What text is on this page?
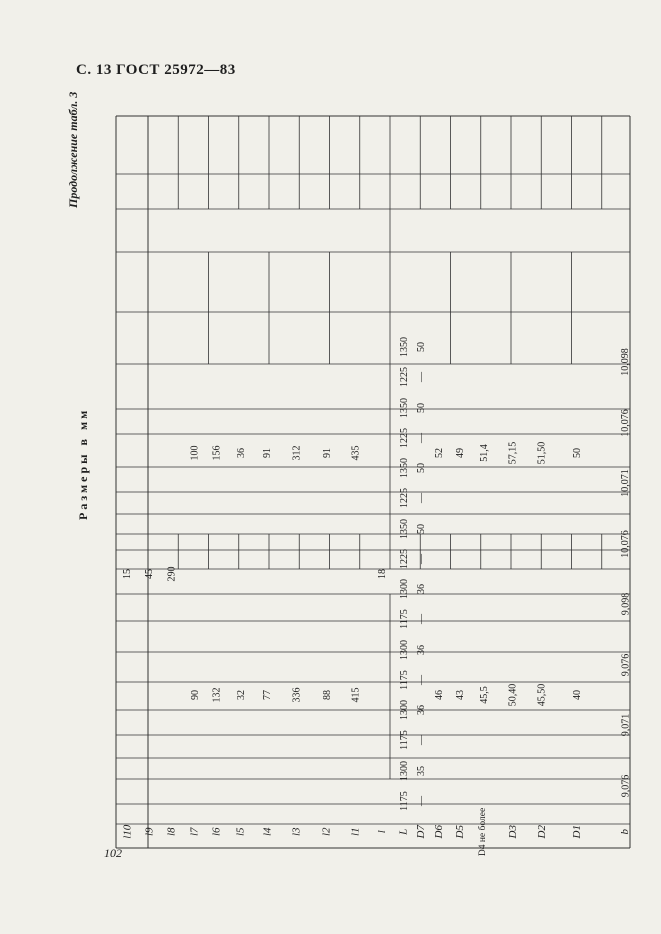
С. 13 ГОСТ 25972—83
Продолжение табл. 3
Размеры в мм
102
l10 l9 l8 l7 l6 l5 l4 l3 l2 l1 l L D7 D6 D5 D4 не более D3 D2 D1	b
—
1175
35
1300
—
1175
36
1300
—
1175
36
1300
—
1175
36
1300
—
1225
50
1350
—
1225
50
1350
—
1225
50
1350
—
1225
50
1350
9,076
9,071
9,076
9,098
10,076
10,071
10,076
10,098
40
45,50
50,40
45,5
43
46
415
88
336
77
32
132
90
50
51,50
57,15
51,4
49
52
435
91
312
91
36
156
100
18
290
45
15
